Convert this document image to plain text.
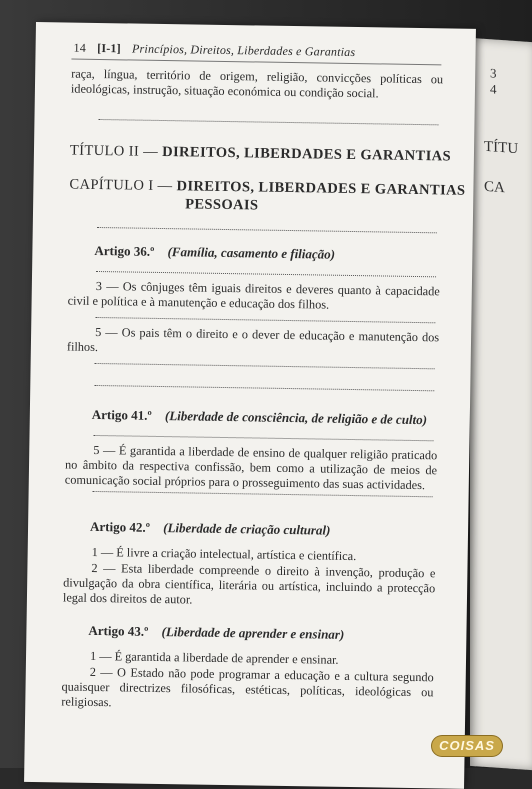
3
4
TÍTU
CA
14 [I-1] Princípios, Direitos, Liberdades e Garantias
raça, língua, território de origem, religião, convicções políticas ou ideológicas, instrução, situação económica ou condição social.
TÍTULO II — DIREITOS, LIBERDADES E GARANTIAS
CAPÍTULO I — DIREITOS, LIBERDADES E GARANTIAS
PESSOAIS
Artigo 36.º (Família, casamento e filiação)
3 — Os cônjuges têm iguais direitos e deveres quanto à capacidade civil e política e à manutenção e educação dos filhos.
5 — Os pais têm o direito e o dever de educação e manutenção dos filhos.
Artigo 41.º (Liberdade de consciência, de religião e de culto)
5 — É garantida a liberdade de ensino de qualquer religião praticado no âmbito da respectiva confissão, bem como a utilização de meios de comunicação social próprios para o prosseguimento das suas actividades.
Artigo 42.º (Liberdade de criação cultural)
1 — É livre a criação intelectual, artística e científica.
2 — Esta liberdade compreende o direito à invenção, produção e divulgação da obra científica, literária ou artística, incluindo a protecção legal dos direitos de autor.
Artigo 43.º (Liberdade de aprender e ensinar)
1 — É garantida a liberdade de aprender e ensinar.
2 — O Estado não pode programar a educação e a cultura segundo quaisquer directrizes filosóficas, estéticas, políticas, ideológicas ou religiosas.
COISAS
